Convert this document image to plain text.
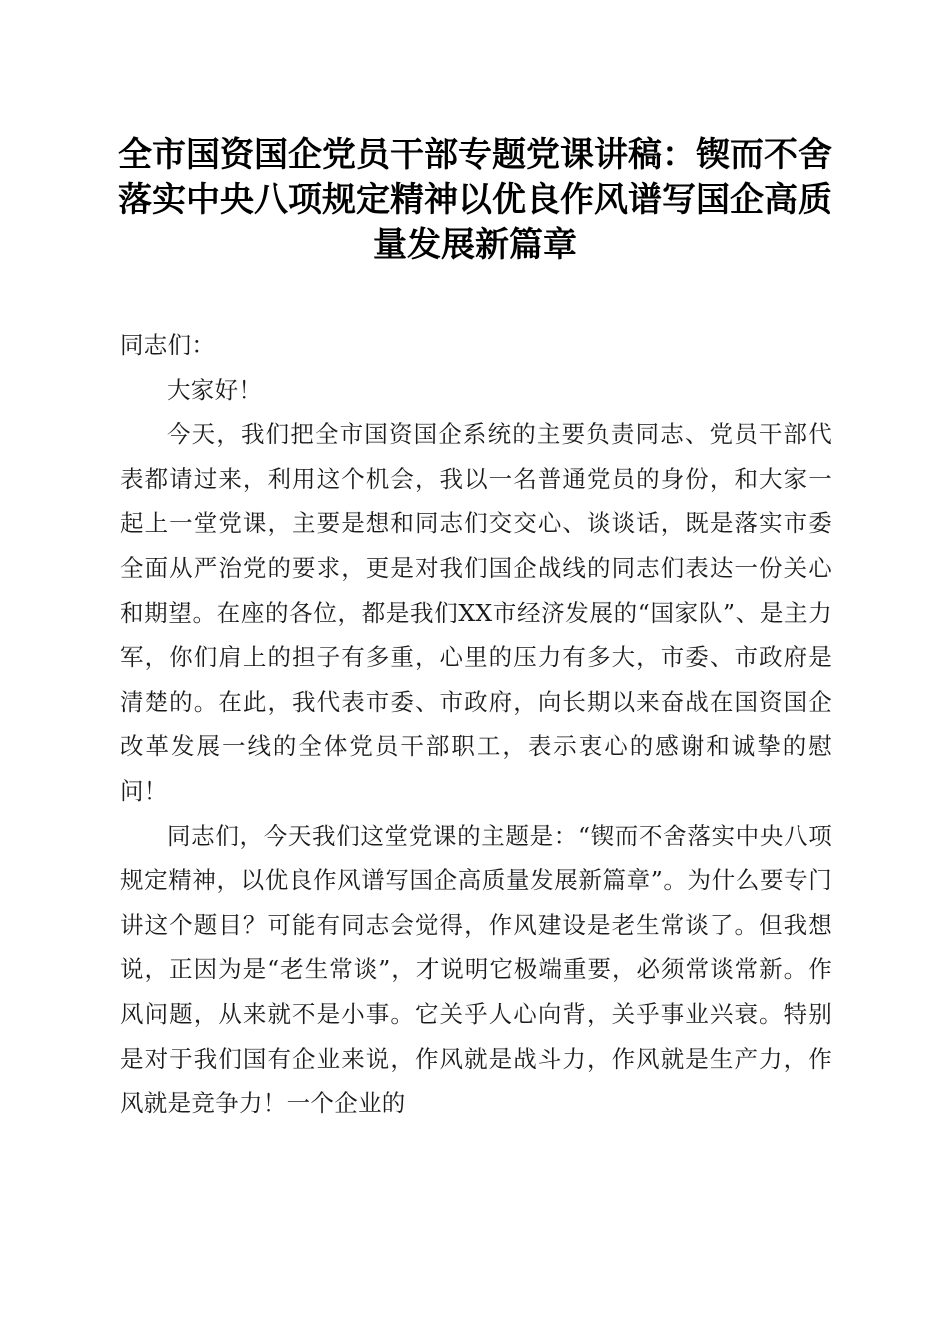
全市国资国企党员干部专题党课讲稿：锲而不舍落实中央八项规定精神以优良作风谱写国企高质量发展新篇章

同志们：

大家好！

今天，我们把全市国资国企系统的主要负责同志、党员干部代表都请过来，利用这个机会，我以一名普通党员的身份，和大家一起上一堂党课，主要是想和同志们交交心、谈谈话，既是落实市委全面从严治党的要求，更是对我们国企战线的同志们表达一份关心和期望。在座的各位，都是我们XX市经济发展的“国家队”、是主力军，你们肩上的担子有多重，心里的压力有多大，市委、市政府是清楚的。在此，我代表市委、市政府，向长期以来奋战在国资国企改革发展一线的全体党员干部职工，表示衷心的感谢和诚挚的慰问！

同志们，今天我们这堂党课的主题是：“锲而不舍落实中央八项规定精神，以优良作风谱写国企高质量发展新篇章”。为什么要专门讲这个题目？可能有同志会觉得，作风建设是老生常谈了。但我想说，正因为是“老生常谈”，才说明它极端重要，必须常谈常新。作风问题，从来就不是小事。它关乎人心向背，关乎事业兴衰。特别是对于我们国有企业来说，作风就是战斗力，作风就是生产力，作风就是竞争力！一个企业的
